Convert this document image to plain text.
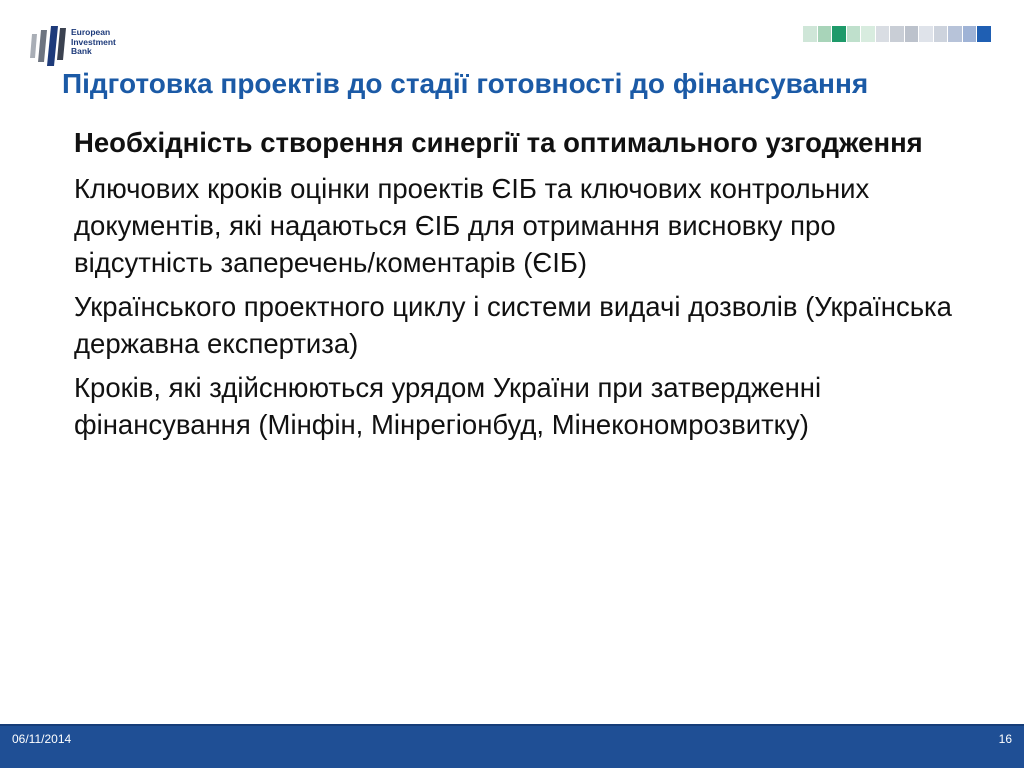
European
Investment
Bank
Підготовка проектів до стадії готовності до фінансування

Необхідність створення синергії та оптимального узгодження

Ключових кроків оцінки проектів ЄІБ та ключових контрольних документів, які надаються ЄІБ для отримання висновку про відсутність заперечень/коментарів (ЄІБ)

Українського проектного циклу і системи видачі дозволів (Українська державна експертиза)

Кроків, які здійснюються урядом України при затвердженні фінансування (Мінфін, Мінрегіонбуд, Мінекономрозвитку)

06/11/2014	16
